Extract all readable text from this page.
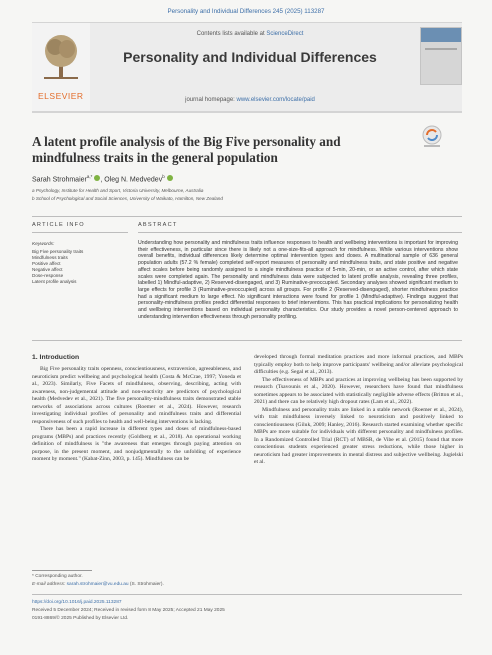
Personality and Individual Differences 245 (2025) 113287
ELSEVIER
Contents lists available at ScienceDirect
Personality and Individual Differences
journal homepage: www.elsevier.com/locate/paid
A latent profile analysis of the Big Five personality and mindfulness traits in the general population
Sarah Strohmaier$^{a,*}$ , Oleg N. Medvedev$^b$
a Psychology, Institute for Health and Sport, Victoria University, Melbourne, Australia
b School of Psychological and Social Sciences, University of Waikato, Hamilton, New Zealand
ARTICLE INFO	ABSTRACT
Keywords:
Big Five personality traits
Mindfulness traits
Positive affect
Negative affect
Dose-response
Latent profile analysis
Understanding how personality and mindfulness traits influence responses to health and wellbeing interventions is important for improving their effectiveness, in particular since there is likely not a one-size-fits-all approach for mindfulness. While various interventions show overall benefits, individual differences likely determine optimal intervention types and doses. A multinational sample of 636 general population adults (57.2 % female) completed self-report measures of personality and mindfulness traits, and state positive and negative affect scales before being randomly assigned to a single mindfulness practice of 5-min, 20-min, or an active control, after which state scales were completed again. The personality and mindfulness data were subjected to latent profile analysis, revealing three profiles, labelled 1) Mindful-adaptive, 2) Reserved-disengaged, and 3) Ruminative-preoccupied. Secondary analyses showed significant medium to large effects for profile 3 (Ruminative-preoccupied) across all groups. For profile 2 (Reserved-disengaged), shorter mindfulness practice had a significant medium to large effect. No significant interactions were found for profile 1 (Mindful-adaptive). Findings suggest that personality-mindfulness profiles predict differential responses to brief interventions. This has practical implications for personalizing health and wellbeing interventions based on individual personality characteristics. Our study provides a novel person-centered approach to understanding intervention effectiveness through personality profiling.
1. Introduction

Big Five personality traits openness, conscientiousness, extraversion, agreeableness, and neuroticism predict wellbeing and psychological health (Costa & McCrae, 1997; Yoneda et al., 2023). Similarly, Five Facets of mindfulness, observing, describing, acting with awareness, non-judgemental attitude and non-reactivity are predictors of psychological health (Medvedev et al., 2021). The five personality-mindfulness traits demonstrated stable networks of associations across cultures (Roemer et al., 2024). However, research investigating individual profiles of personality and mindfulness traits and differential responsiveness of such profiles to health and well-being interventions is lacking.

There has been a rapid increase in different types and doses of mindfulness-based programs (MBPs) and practices recently (Goldberg et al., 2018). An operational working definition of mindfulness is "the awareness that emerges through paying attention on purpose, in the present moment, and nonjudgmentally to the unfolding of experience moment by moment." (Kabat-Zinn, 2003, p. 145). Mindfulness can be

developed through formal meditation practices and more informal practices, and MBPs typically employ both to help improve participants' wellbeing and/or alleviate psychological difficulties (e.g. Segal et al., 2013).

The effectiveness of MBPs and practices at improving wellbeing has been supported by research (Tsavounis et al., 2020). However, researchers have found that mindfulness sometimes appears to be associated with statistically negligible adverse effects (Britton et al., 2021) and there can be relatively high dropout rates (Lam et al., 2022).

Mindfulness and personality traits are linked in a stable network (Roemer et al., 2024), with trait mindfulness inversely linked to neuroticism and positively linked to conscientiousness (Giluk, 2009; Hanley, 2016). Research started examining whether specific MBPs are more suitable for individuals with different personality and mindfulness profiles. In a Randomized Controlled Trial (RCT) of MBSR, de Vibe et al. (2015) found that more conscientious students experienced greater stress reductions, while those higher in neuroticism had greater improvements in mental distress and subjective wellbeing. Jugielski et al.

* Corresponding author.
E-mail address: sarah.strohmaier@vu.edu.au (S. Strohmaier).
https://doi.org/10.1016/j.paid.2025.113287
Received 5 December 2024; Received in revised form 8 May 2025; Accepted 21 May 2025
0191-8869/© 2025 Published by Elsevier Ltd.
